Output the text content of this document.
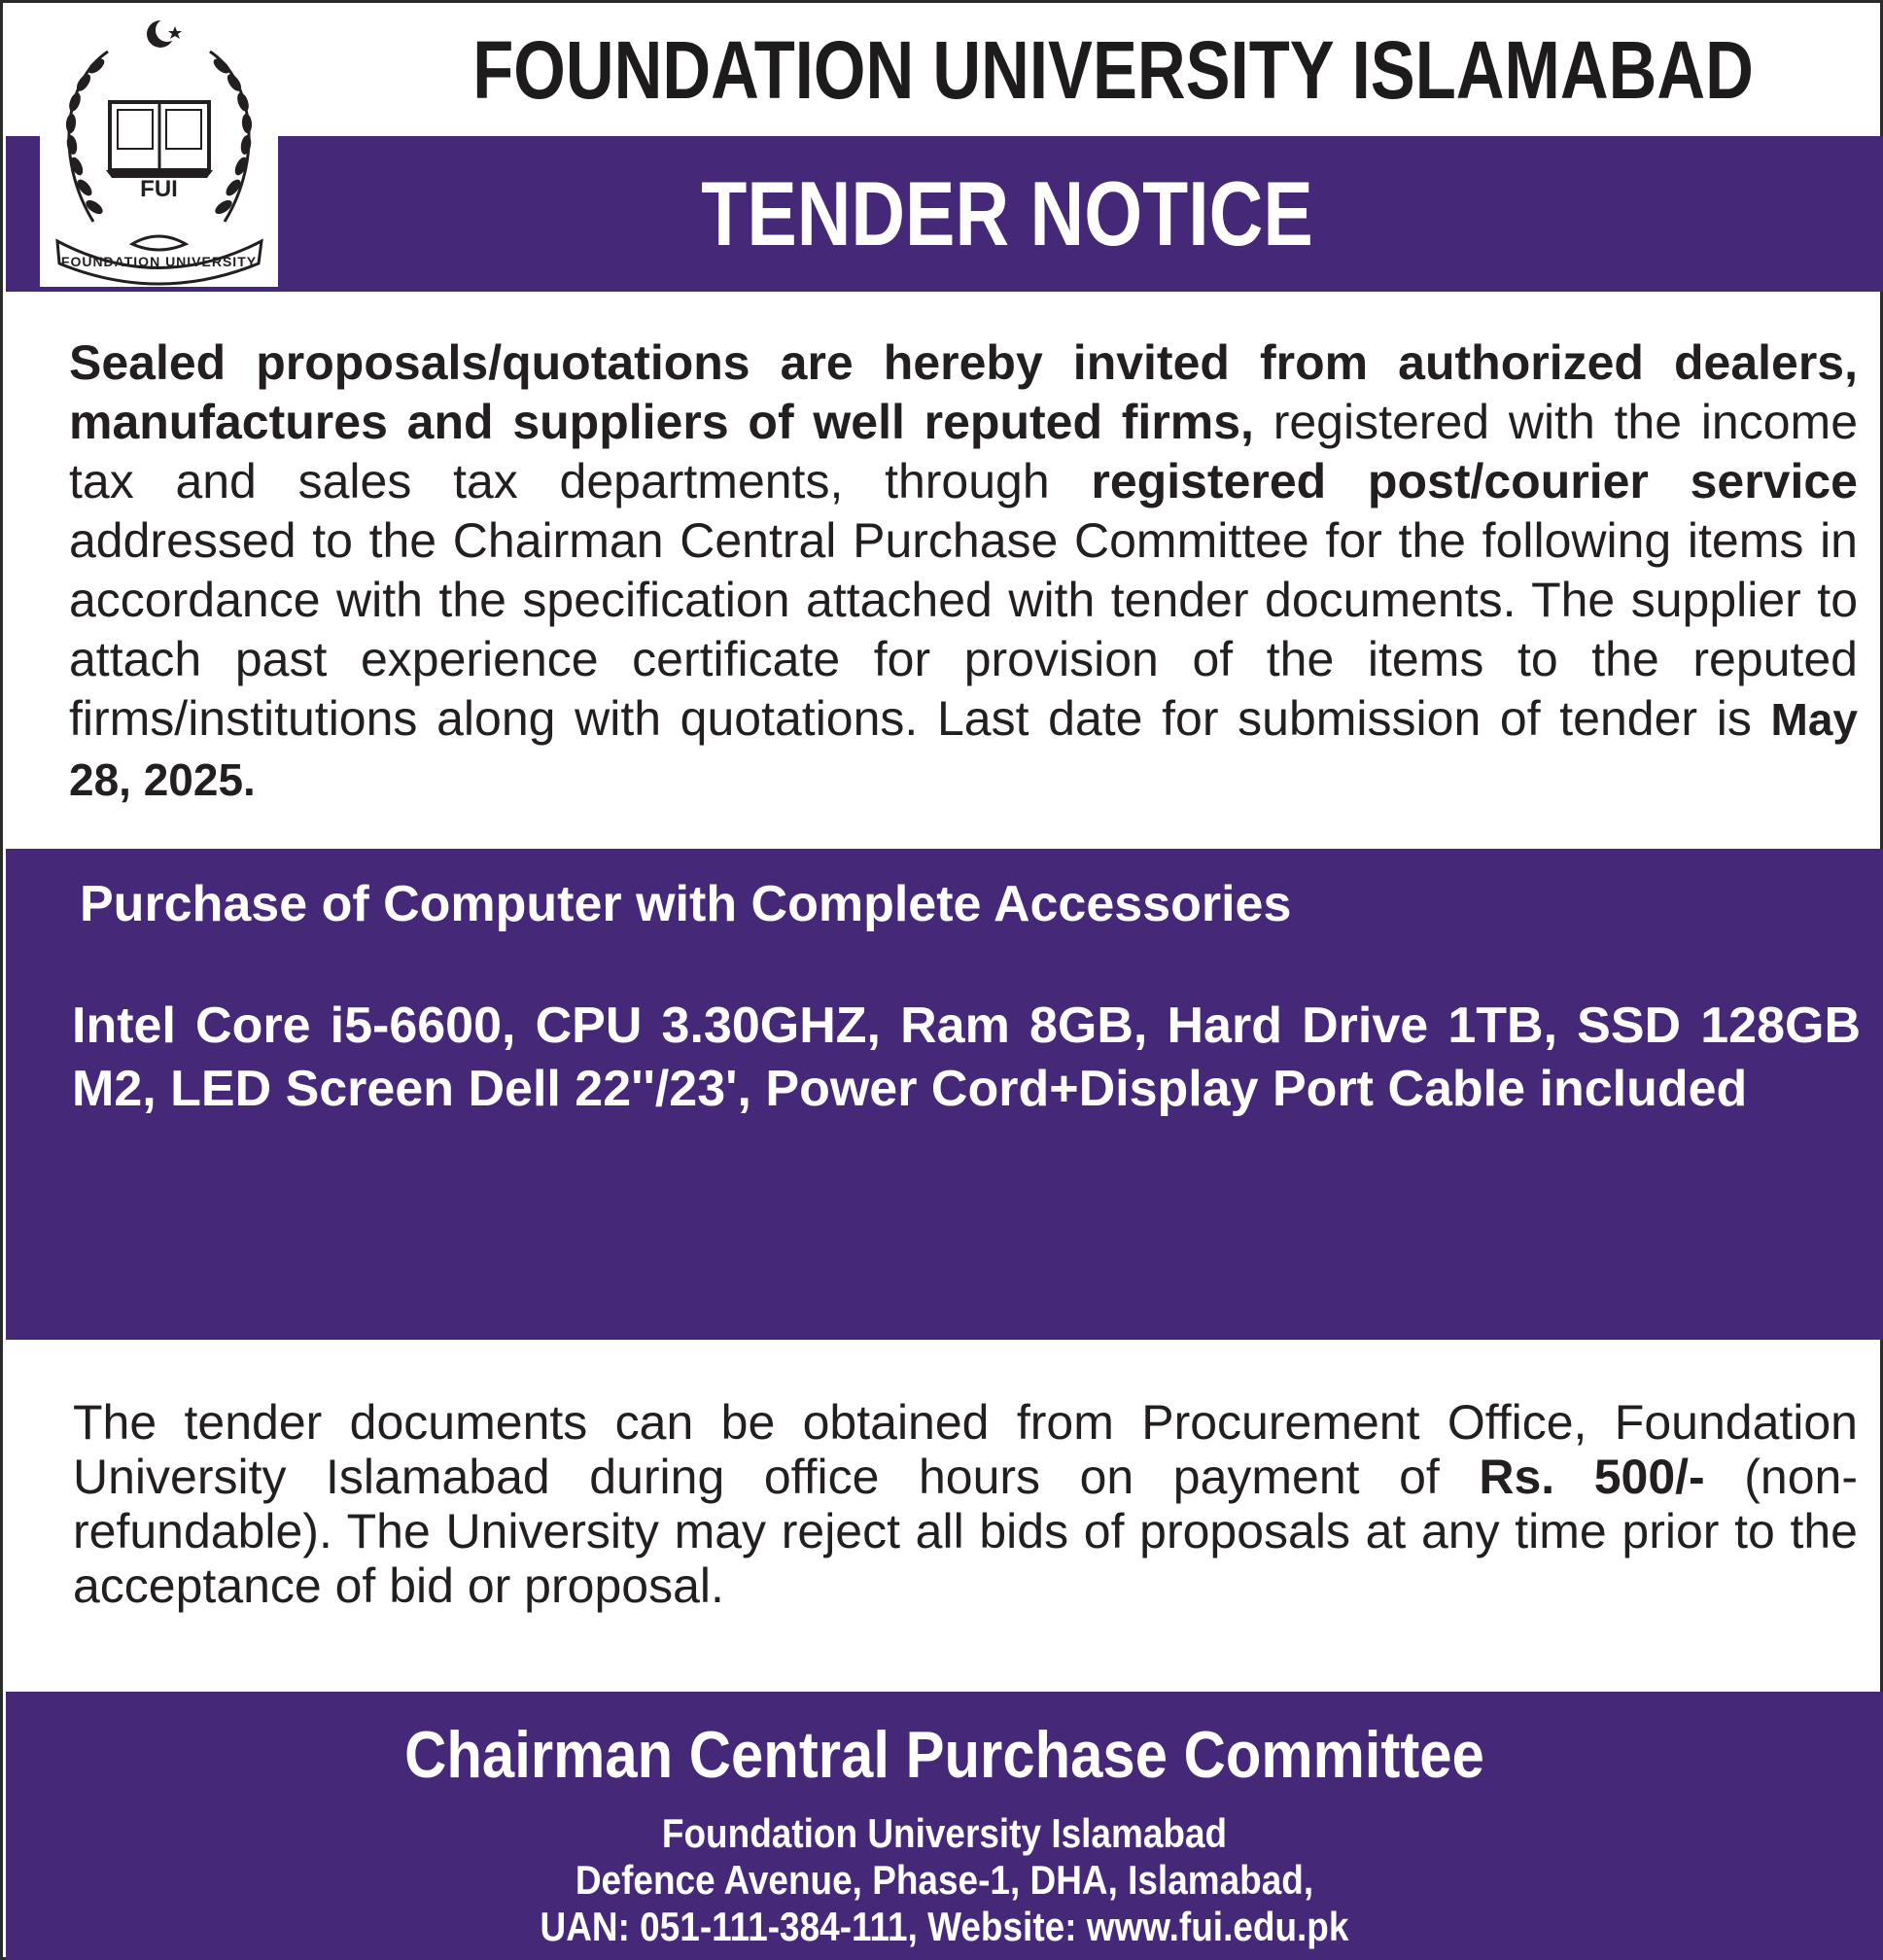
FOUNDATION UNIVERSITY ISLAMABAD
TENDER NOTICE
FUI
FOUNDATION UNIVERSITY
Sealed proposals/quotations are hereby invited from authorized dealers, manufactures and suppliers of well reputed firms, registered with the income tax and sales tax departments, through registered post/courier service addressed to the Chairman Central Purchase Committee for the following items in accordance with the specification attached with tender documents. The supplier to attach past experience certificate for provision of the items to the reputed firms/institutions along with quotations. Last date for submission of tender is May 28, 2025.
Purchase of Computer with Complete Accessories
Intel Core i5-6600, CPU 3.30GHZ, Ram 8GB, Hard Drive 1TB, SSD 128GB M2, LED Screen Dell 22''/23', Power Cord+Display Port Cable included
The tender documents can be obtained from Procurement Office, Foundation University Islamabad during office hours on payment of Rs. 500/- (non-refundable). The University may reject all bids of proposals at any time prior to the acceptance of bid or proposal.
Chairman Central Purchase Committee
Foundation University Islamabad
Defence Avenue, Phase-1, DHA, Islamabad,
UAN: 051-111-384-111, Website: www.fui.edu.pk
